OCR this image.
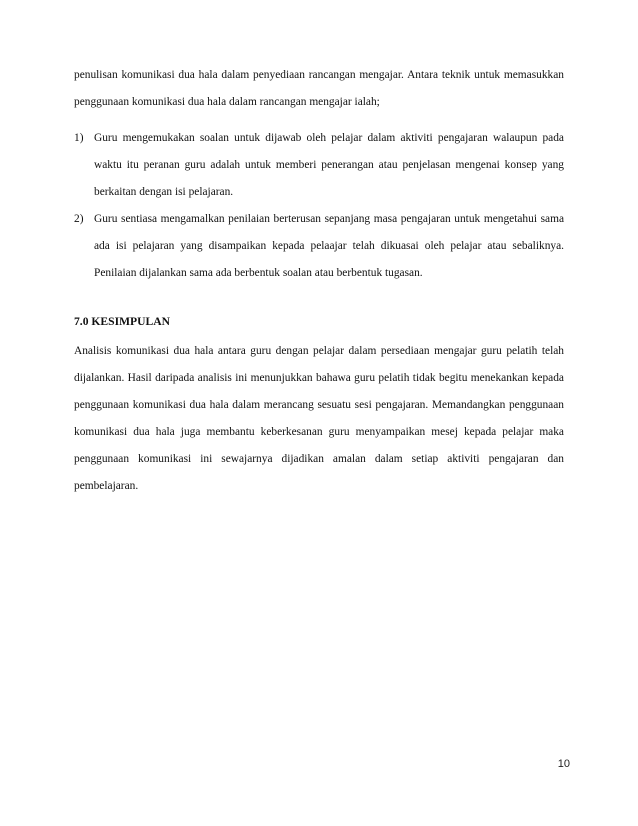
penulisan komunikasi dua hala dalam penyediaan rancangan mengajar. Antara teknik untuk memasukkan penggunaan komunikasi dua hala dalam rancangan mengajar ialah;

1) Guru mengemukakan soalan untuk dijawab oleh pelajar dalam aktiviti pengajaran walaupun pada waktu itu peranan guru adalah untuk memberi penerangan atau penjelasan mengenai konsep yang berkaitan dengan isi pelajaran.
2) Guru sentiasa mengamalkan penilaian berterusan sepanjang masa pengajaran untuk mengetahui sama ada isi pelajaran yang disampaikan kepada pelaajar telah dikuasai oleh pelajar atau sebaliknya. Penilaian dijalankan sama ada berbentuk soalan atau berbentuk tugasan.
7.0 KESIMPULAN

Analisis komunikasi dua hala antara guru dengan pelajar dalam persediaan mengajar guru pelatih telah dijalankan. Hasil daripada analisis ini menunjukkan bahawa guru pelatih tidak begitu menekankan kepada penggunaan komunikasi dua hala dalam merancang sesuatu sesi pengajaran. Memandangkan penggunaan komunikasi dua hala juga membantu keberkesanan guru menyampaikan mesej kepada pelajar maka penggunaan komunikasi ini sewajarnya dijadikan amalan dalam setiap aktiviti pengajaran dan pembelajaran.

10
